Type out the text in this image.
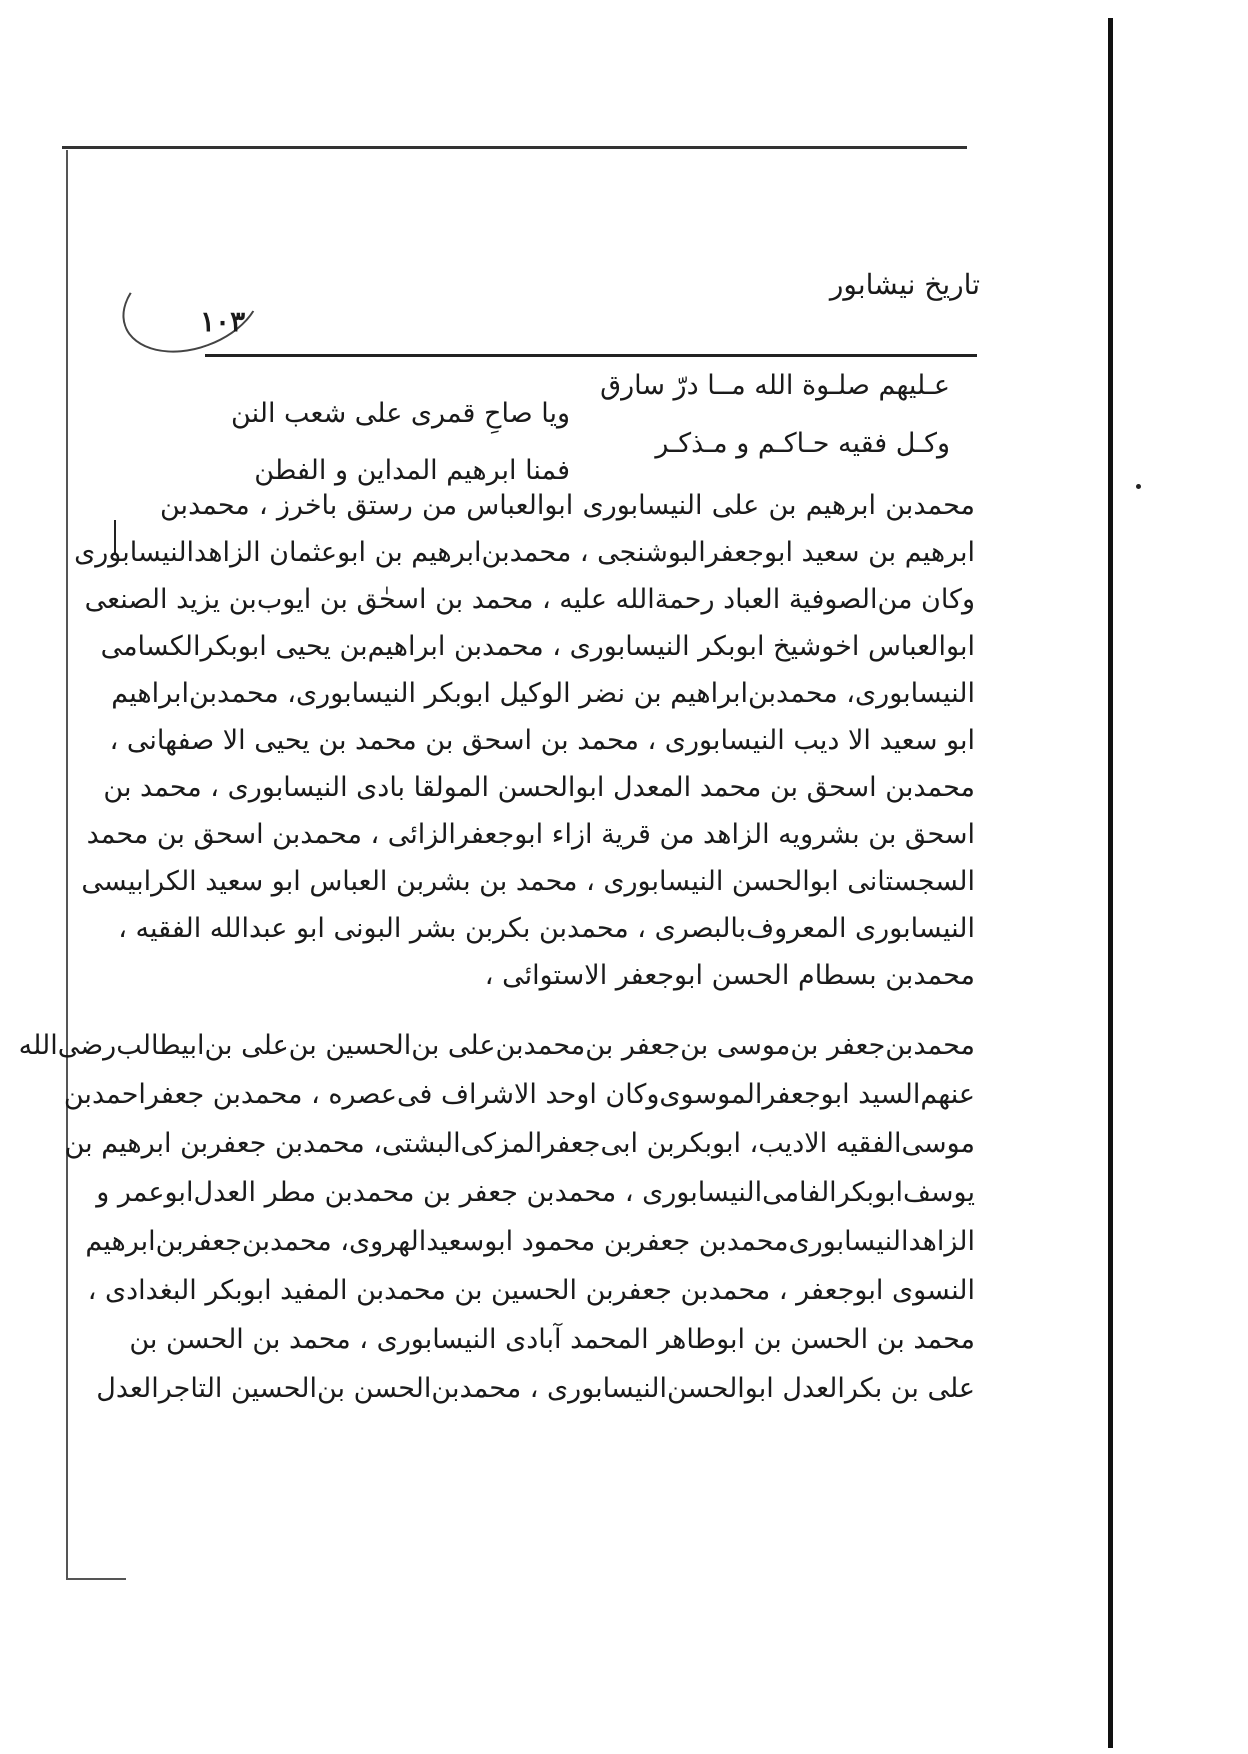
تاريخ نيشابور
١٠٣
عـليهم صلـوة الله مــا درّ سارق
ويا صاحِ قمرى على شعب النن
وكـل فقيه حـاكـم و مـذكـر
فمنا ابرهيم المداين و الفطن
محمدبن ابرهيم بن على النيسابورى ابوالعباس من رستق باخرز ، محمدبن
ابرهيم بن سعيد ابوجعفرالبوشنجى ، محمدبن‌ابرهيم بن ابوعثمان الزاهدالنيسابورى
وكان من‌الصوفية العباد رحمةالله عليه ، محمد بن اسحٰق بن ايوب‌بن يزيد الصنعى
ابوالعباس اخوشيخ ابوبكر النيسابورى ، محمدبن ابراهيم‌بن يحيى ابوبكرالكسامى
النيسابورى، محمدبن‌ابراهيم بن نضر الوكيل ابوبكر النيسابورى، محمدبن‌ابراهيم
ابو سعيد الا ديب النيسابورى ، محمد بن اسحق بن محمد بن يحيى الا صفهانى ،
محمدبن اسحق بن محمد المعدل ابوالحسن المولقا بادى النيسابورى ، محمد بن
اسحق بن بشرويه الزاهد من قرية ازاء ابوجعفرالزائى ، محمدبن اسحق بن محمد
السجستانى ابوالحسن النيسابورى ، محمد بن بشربن العباس ابو سعيد الكرابيسى
النيسابورى المعروف‌بالبصرى ، محمدبن بكربن بشر البونى ابو عبدالله الفقيه ،
محمدبن بسطام الحسن ابوجعفر الاستوائى ،
محمدبن‌جعفر بن‌موسى بن‌جعفر بن‌محمدبن‌على بن‌الحسين بن‌على بن‌ابيطالب‌رضى‌الله
عنهم‌السيد ابوجعفرالموسوى‌وكان اوحد الاشراف فى‌عصره ، محمدبن جعفراحمدبن
موسى‌الفقيه الاديب، ابوبكربن ابى‌جعفرالمزكى‌البشتى، محمدبن جعفربن ابرهيم بن
يوسف‌ابوبكرالفامى‌النيسابورى ، محمدبن جعفر بن محمدبن مطر العدل‌ابوعمر و
الزاهدالنيسابورى‌محمدبن جعفربن محمود ابوسعيدالهروى، محمدبن‌جعفربن‌ابرهيم
النسوى ابوجعفر ، محمدبن جعفربن الحسين بن محمدبن المفيد ابوبكر البغدادى ،
محمد بن الحسن بن ابوطاهر المحمد آبادى النيسابورى ، محمد بن الحسن بن
على بن بكرالعدل ابوالحسن‌النيسابورى ، محمدبن‌الحسن بن‌الحسين التاجرالعدل
